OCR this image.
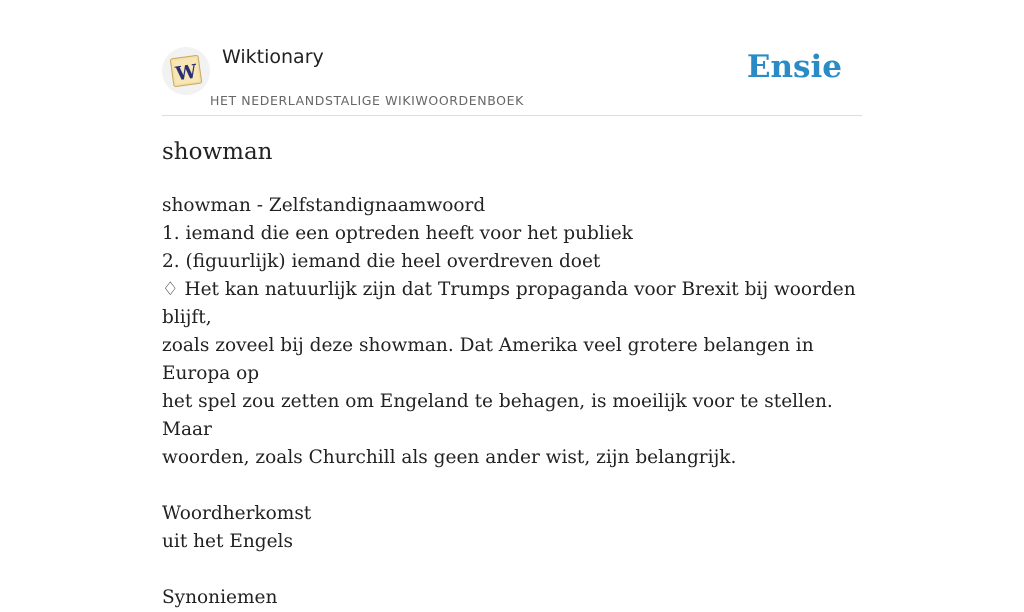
W
Wiktionary
HET NEDERLANDSTALIGE WIKIWOORDENBOEK
Ensie
showman
showman - Zelfstandignaamwoord
1. iemand die een optreden heeft voor het publiek
2. (figuurlijk) iemand die heel overdreven doet
♢ Het kan natuurlijk zijn dat Trumps propaganda voor Brexit bij woorden blijft,
zoals zoveel bij deze showman. Dat Amerika veel grotere belangen in Europa op
het spel zou zetten om Engeland te behagen, is moeilijk voor te stellen. Maar
woorden, zoals Churchill als geen ander wist, zijn belangrijk.
Woordherkomst
uit het Engels
Synoniemen
